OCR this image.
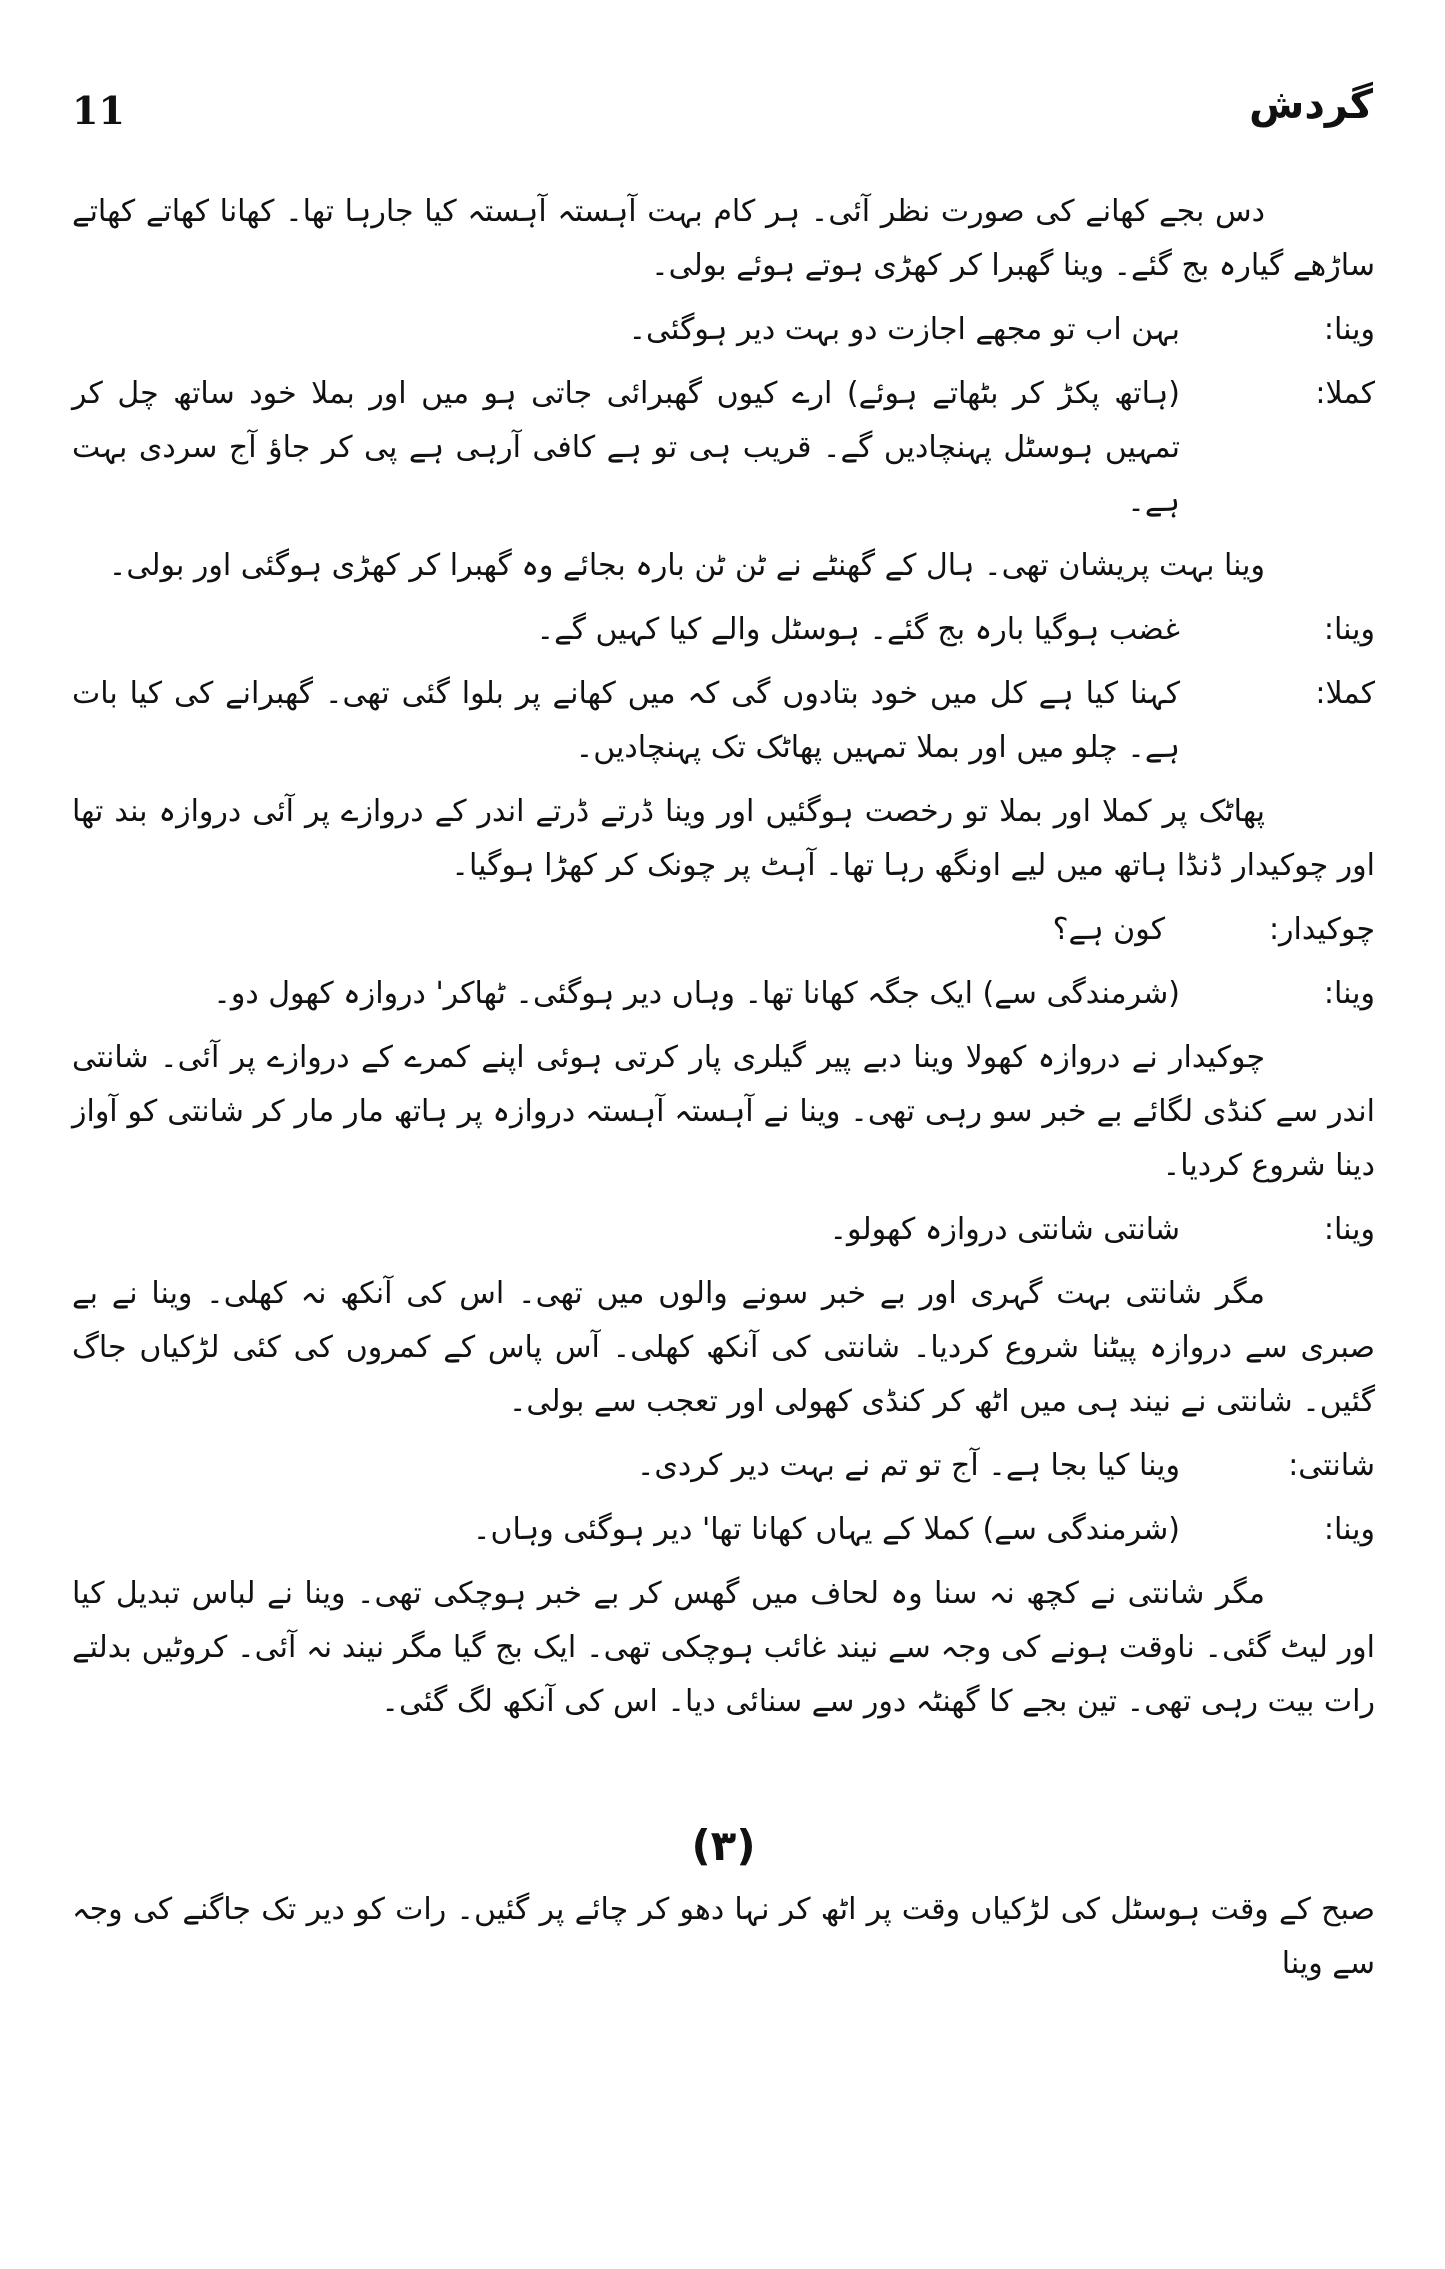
11	گردش

دس بجے کھانے کی صورت نظر آئی۔ ہر کام بہت آہستہ آہستہ کیا جارہا تھا۔ کھانا کھاتے کھاتے ساڑھے گیارہ بج گئے۔ وینا گھبرا کر کھڑی ہوتے ہوئے بولی۔

وینا:
بہن اب تو مجھے اجازت دو بہت دیر ہوگئی۔
کملا:
(ہاتھ پکڑ کر بٹھاتے ہوئے) ارے کیوں گھبرائی جاتی ہو میں اور بملا خود ساتھ چل کر تمہیں ہوسٹل پہنچادیں گے۔ قریب ہی تو ہے کافی آرہی ہے پی کر جاؤ آج سردی بہت ہے۔

وینا بہت پریشان تھی۔ ہال کے گھنٹے نے ٹن ٹن بارہ بجائے وہ گھبرا کر کھڑی ہوگئی اور بولی۔

وینا:
غضب ہوگیا بارہ بج گئے۔ ہوسٹل والے کیا کہیں گے۔
کملا:
کہنا کیا ہے کل میں خود بتادوں گی کہ میں کھانے پر بلوا گئی تھی۔ گھبرانے کی کیا بات ہے۔ چلو میں اور بملا تمہیں پھاٹک تک پہنچادیں۔

پھاٹک پر کملا اور بملا تو رخصت ہوگئیں اور وینا ڈرتے ڈرتے اندر کے دروازے پر آئی دروازہ بند تھا اور چوکیدار ڈنڈا ہاتھ میں لیے اونگھ رہا تھا۔ آہٹ پر چونک کر کھڑا ہوگیا۔

چوکیدار:
کون ہے؟
وینا:
(شرمندگی سے) ایک جگہ کھانا تھا۔ وہاں دیر ہوگئی۔ ٹھاکر' دروازہ کھول دو۔

چوکیدار نے دروازہ کھولا وینا دبے پیر گیلری پار کرتی ہوئی اپنے کمرے کے دروازے پر آئی۔ شانتی اندر سے کنڈی لگائے بے خبر سو رہی تھی۔ وینا نے آہستہ آہستہ دروازہ پر ہاتھ مار مار کر شانتی کو آواز دینا شروع کردیا۔

وینا:
شانتی شانتی دروازہ کھولو۔

مگر شانتی بہت گہری اور بے خبر سونے والوں میں تھی۔ اس کی آنکھ نہ کھلی۔ وینا نے بے صبری سے دروازہ پیٹنا شروع کردیا۔ شانتی کی آنکھ کھلی۔ آس پاس کے کمروں کی کئی لڑکیاں جاگ گئیں۔ شانتی نے نیند ہی میں اٹھ کر کنڈی کھولی اور تعجب سے بولی۔

شانتی:
وینا کیا بجا ہے۔ آج تو تم نے بہت دیر کردی۔
وینا:
(شرمندگی سے) کملا کے یہاں کھانا تھا' دیر ہوگئی وہاں۔

مگر شانتی نے کچھ نہ سنا وہ لحاف میں گھس کر بے خبر ہوچکی تھی۔ وینا نے لباس تبدیل کیا اور لیٹ گئی۔ ناوقت ہونے کی وجہ سے نیند غائب ہوچکی تھی۔ ایک بج گیا مگر نیند نہ آئی۔ کروٹیں بدلتے رات بیت رہی تھی۔ تین بجے کا گھنٹہ دور سے سنائی دیا۔ اس کی آنکھ لگ گئی۔

(۳)

صبح کے وقت ہوسٹل کی لڑکیاں وقت پر اٹھ کر نہا دھو کر چائے پر گئیں۔ رات کو دیر تک جاگنے کی وجہ سے وینا
